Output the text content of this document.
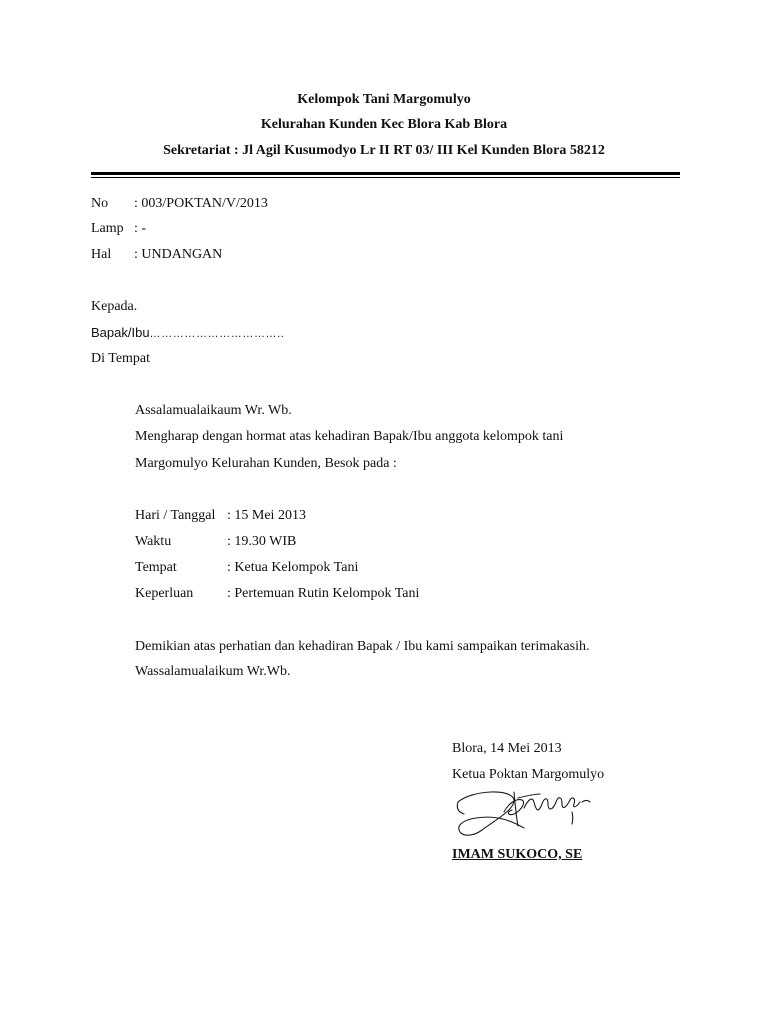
Kelompok Tani Margomulyo
Kelurahan Kunden Kec Blora Kab Blora
Sekretariat : Jl Agil Kusumodyo Lr II RT 03/ III Kel Kunden Blora 58212
No : 003/POKTAN/V/2013
Lamp : -
Hal : UNDANGAN
Kepada.
Bapak/Ibu……………………………..
Di Tempat
Assalamualaikaum Wr. Wb.
Mengharap dengan hormat atas kehadiran Bapak/Ibu anggota kelompok tani
Margomulyo Kelurahan Kunden, Besok pada :
Hari / Tanggal : 15 Mei 2013
Waktu	: 19.30 WIB
Tempat	: Ketua Kelompok Tani
Keperluan : Pertemuan Rutin Kelompok Tani
Demikian atas perhatian dan kehadiran Bapak / Ibu kami sampaikan terimakasih.
Wassalamualaikum Wr.Wb.
Blora, 14 Mei 2013
Ketua Poktan Margomulyo
IMAM SUKOCO, SE
